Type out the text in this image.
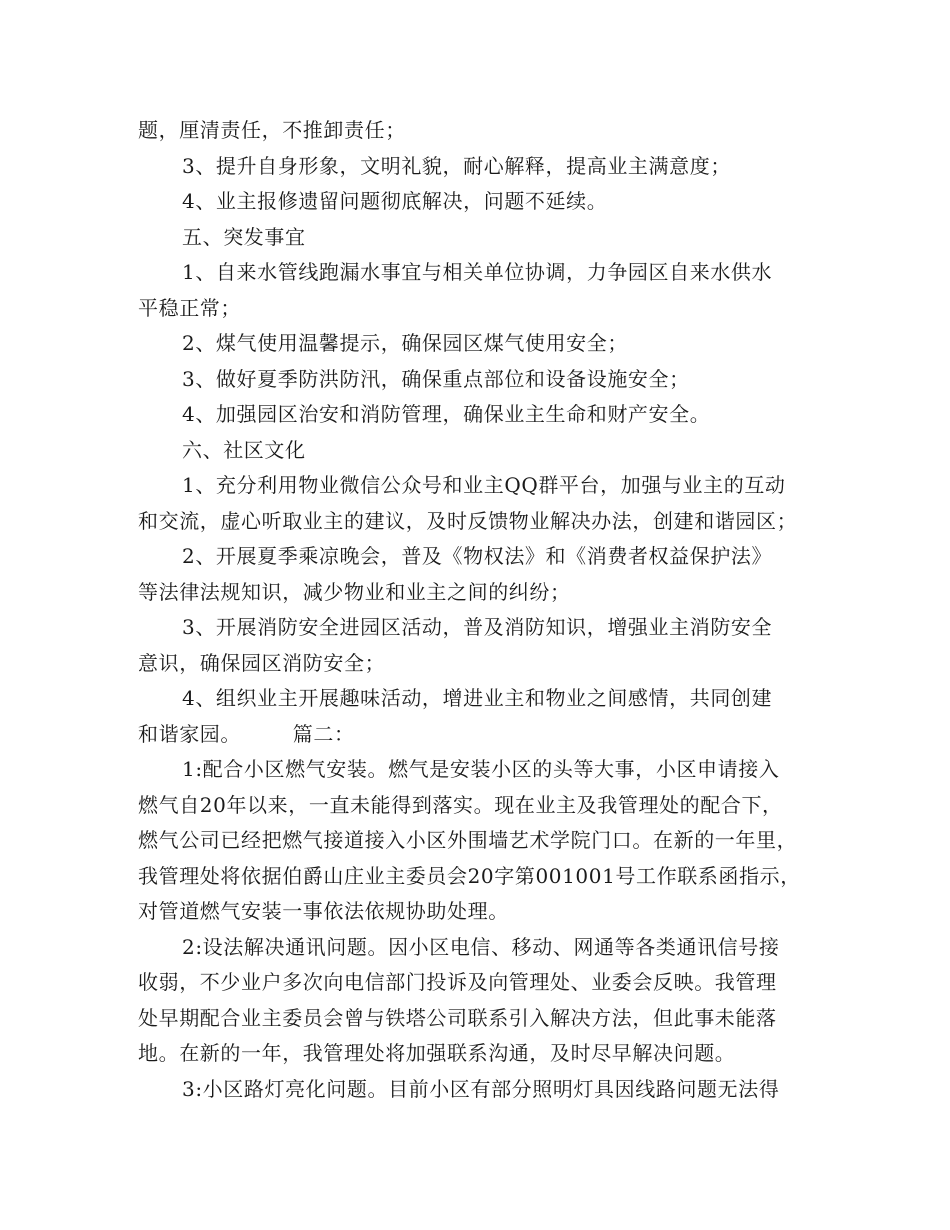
题，厘清责任，不推卸责任；
3、提升自身形象，文明礼貌，耐心解释，提高业主满意度；
4、业主报修遗留问题彻底解决，问题不延续。
五、突发事宜
1、自来水管线跑漏水事宜与相关单位协调，力争园区自来水供水
平稳正常；
2、煤气使用温馨提示，确保园区煤气使用安全；
3、做好夏季防洪防汛，确保重点部位和设备设施安全；
4、加强园区治安和消防管理，确保业主生命和财产安全。
六、社区文化
1、充分利用物业微信公众号和业主QQ群平台，加强与业主的互动
和交流，虚心听取业主的建议，及时反馈物业解决办法，创建和谐园区；
2、开展夏季乘凉晚会，普及《物权法》和《消费者权益保护法》
等法律法规知识，减少物业和业主之间的纠纷；
3、开展消防安全进园区活动，普及消防知识，增强业主消防安全
意识，确保园区消防安全；
4、组织业主开展趣味活动，增进业主和物业之间感情，共同创建
和谐家园。　　　篇二：
1:配合小区燃气安装。燃气是安装小区的头等大事，小区申请接入
燃气自20年以来，一直未能得到落实。现在业主及我管理处的配合下，
燃气公司已经把燃气接道接入小区外围墙艺术学院门口。在新的一年里，
我管理处将依据伯爵山庄业主委员会20字第001001号工作联系函指示，
对管道燃气安装一事依法依规协助处理。
2:设法解决通讯问题。因小区电信、移动、网通等各类通讯信号接
收弱，不少业户多次向电信部门投诉及向管理处、业委会反映。我管理
处早期配合业主委员会曾与铁塔公司联系引入解决方法，但此事未能落
地。在新的一年，我管理处将加强联系沟通，及时尽早解决问题。
3:小区路灯亮化问题。目前小区有部分照明灯具因线路问题无法得
